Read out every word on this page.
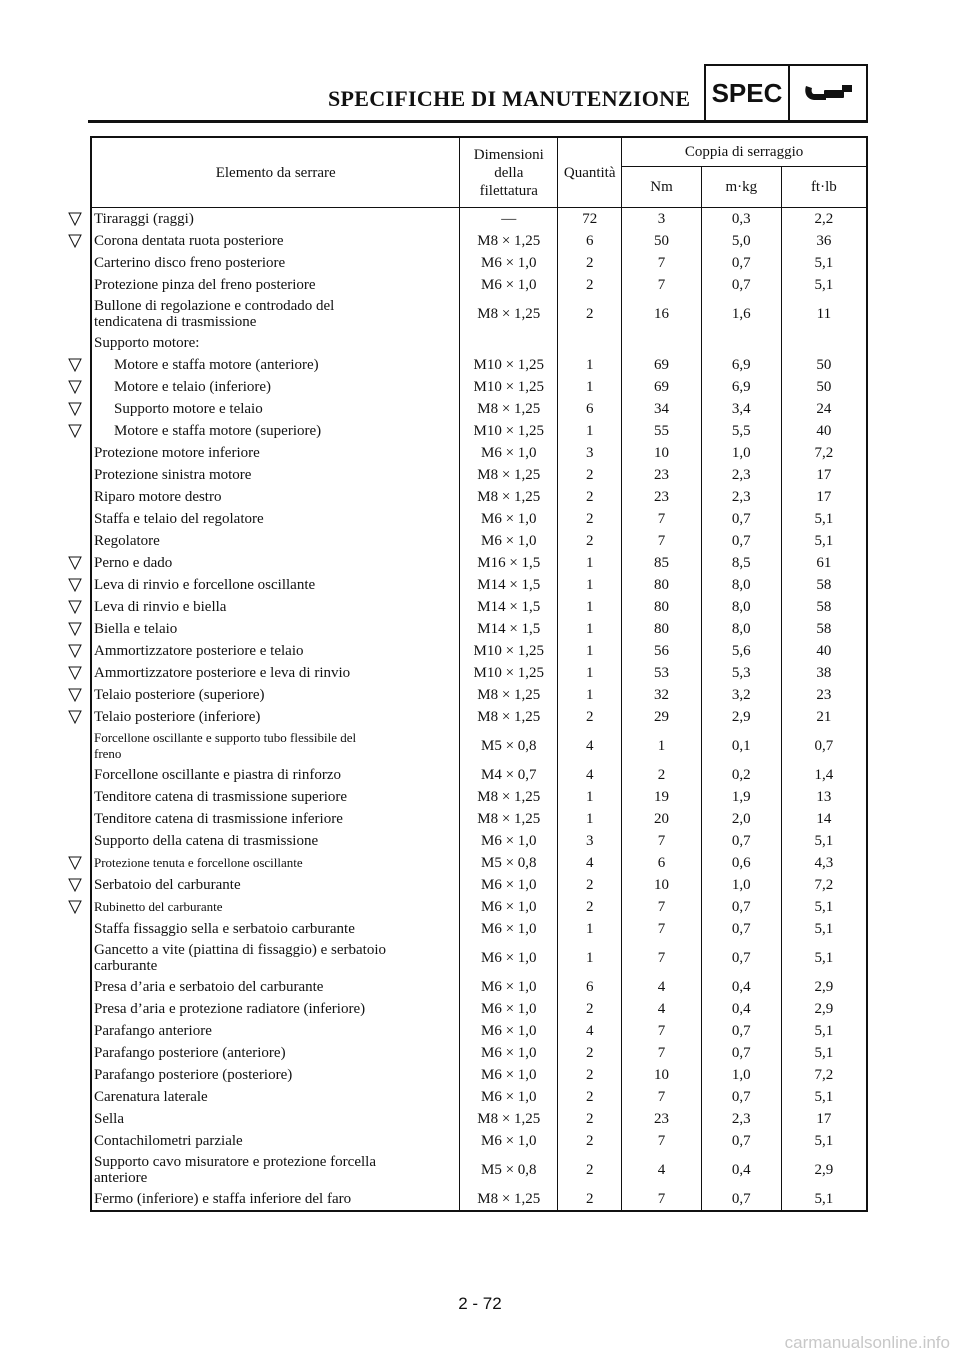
SPECIFICHE DI MANUTENZIONE SPEC
Elemento da serrare	Dimensioni
della
filettatura	Quantità	Coppia di serraggio		
			Nm	m·kg	ft·lb

Tiraraggi (raggi)	—	72	3	0,3	2,2

Corona dentata ruota posteriore	M8 × 1,25	6	50	5,0	36

Carterino disco freno posteriore	M6 × 1,0	2	7	0,7	5,1

Protezione pinza del freno posteriore	M6 × 1,0	2	7	0,7	5,1

Bullone di regolazione e controdado del
tendicatena di trasmissione	M8 × 1,25	2	16	1,6	11

Supporto motore:					

Motore e staffa motore (anteriore)	M10 × 1,25	1	69	6,9	50

Motore e telaio (inferiore)	M10 × 1,25	1	69	6,9	50

Supporto motore e telaio	M8 × 1,25	6	34	3,4	24

Motore e staffa motore (superiore)	M10 × 1,25	1	55	5,5	40

Protezione motore inferiore	M6 × 1,0	3	10	1,0	7,2

Protezione sinistra motore	M8 × 1,25	2	23	2,3	17

Riparo motore destro	M8 × 1,25	2	23	2,3	17

Staffa e telaio del regolatore	M6 × 1,0	2	7	0,7	5,1

Regolatore	M6 × 1,0	2	7	0,7	5,1

Perno e dado	M16 × 1,5	1	85	8,5	61

Leva di rinvio e forcellone oscillante	M14 × 1,5	1	80	8,0	58

Leva di rinvio e biella	M14 × 1,5	1	80	8,0	58

Biella e telaio	M14 × 1,5	1	80	8,0	58

Ammortizzatore posteriore e telaio	M10 × 1,25	1	56	5,6	40

Ammortizzatore posteriore e leva di rinvio	M10 × 1,25	1	53	5,3	38

Telaio posteriore (superiore)	M8 × 1,25	1	32	3,2	23

Telaio posteriore (inferiore)	M8 × 1,25	2	29	2,9	21

Forcellone oscillante e supporto tubo flessibile del
freno	M5 × 0,8	4	1	0,1	0,7

Forcellone oscillante e piastra di rinforzo	M4 × 0,7	4	2	0,2	1,4

Tenditore catena di trasmissione superiore	M8 × 1,25	1	19	1,9	13

Tenditore catena di trasmissione inferiore	M8 × 1,25	1	20	2,0	14

Supporto della catena di trasmissione	M6 × 1,0	3	7	0,7	5,1

Protezione tenuta e forcellone oscillante	M5 × 0,8	4	6	0,6	4,3

Serbatoio del carburante	M6 × 1,0	2	10	1,0	7,2

Rubinetto del carburante	M6 × 1,0	2	7	0,7	5,1

Staffa fissaggio sella e serbatoio carburante	M6 × 1,0	1	7	0,7	5,1

Gancetto a vite (piattina di fissaggio) e serbatoio
carburante	M6 × 1,0	1	7	0,7	5,1

Presa d’aria e serbatoio del carburante	M6 × 1,0	6	4	0,4	2,9

Presa d’aria e protezione radiatore (inferiore)	M6 × 1,0	2	4	0,4	2,9

Parafango anteriore	M6 × 1,0	4	7	0,7	5,1

Parafango posteriore (anteriore)	M6 × 1,0	2	7	0,7	5,1

Parafango posteriore (posteriore)	M6 × 1,0	2	10	1,0	7,2

Carenatura laterale	M6 × 1,0	2	7	0,7	5,1

Sella	M8 × 1,25	2	23	2,3	17

Contachilometri parziale	M6 × 1,0	2	7	0,7	5,1

Supporto cavo misuratore e protezione forcella
anteriore	M5 × 0,8	2	4	0,4	2,9

Fermo (inferiore) e staffa inferiore del faro	M8 × 1,25	2	7	0,7	5,1
2 - 72
carmanualsonline.info
